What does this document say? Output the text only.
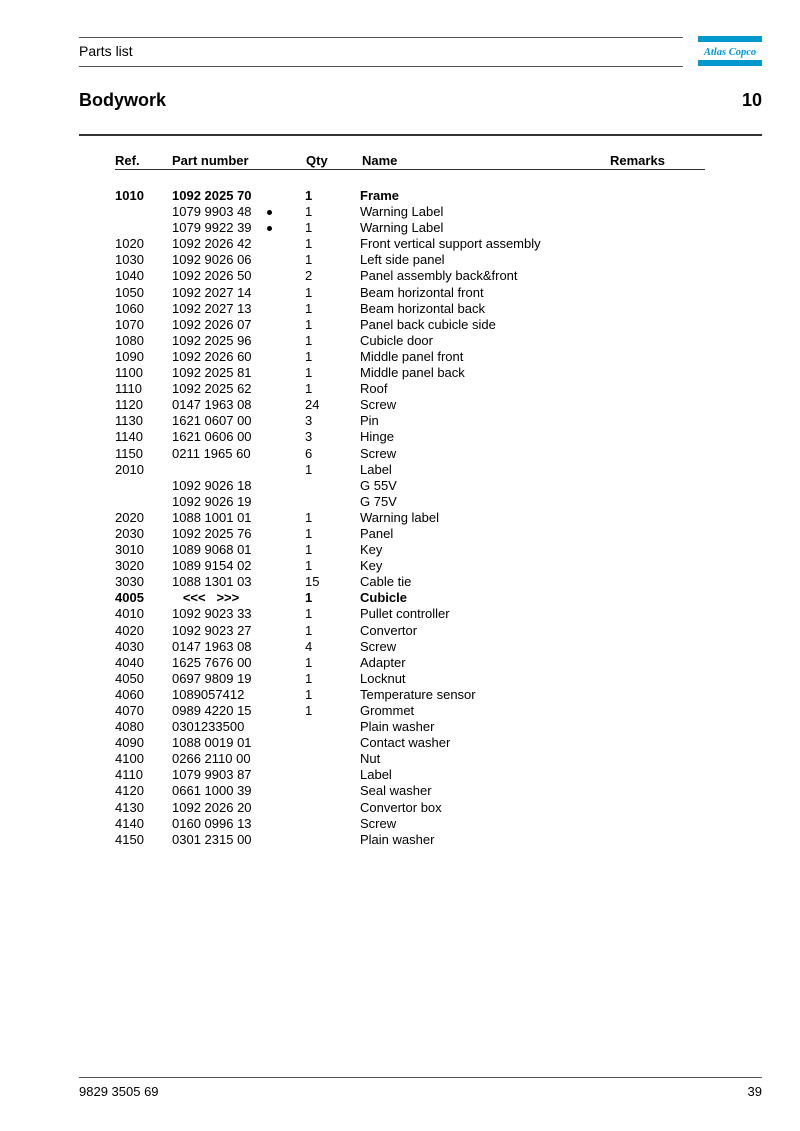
Parts list	Atlas Copco
Bodywork	10
Ref. Part number	Qty	Name	Remarks
1010	1092 2025 70		1	Frame
	1079 9903 48		1	Warning Label
	1079 9922 39		1	Warning Label
1020	1092 2026 42		1	Front vertical support assembly
1030	1092 9026 06		1	Left side panel
1040	1092 2026 50		2	Panel assembly back&front
1050	1092 2027 14		1	Beam horizontal front
1060	1092 2027 13		1	Beam horizontal back
1070	1092 2026 07		1	Panel back cubicle side
1080	1092 2025 96		1	Cubicle door
1090	1092 2026 60		1	Middle panel front
1100	1092 2025 81		1	Middle panel back
1110	1092 2025 62		1	Roof
1120	0147 1963 08		24	Screw
1130	1621 0607 00		3	Pin
1140	1621 0606 00		3	Hinge
1150	0211 1965 60		6	Screw
2010			1	Label
	1092 9026 18			G 55V
	1092 9026 19			G 75V
2020	1088 1001 01		1	Warning label
2030	1092 2025 76		1	Panel
3010	1089 9068 01		1	Key
3020	1089 9154 02		1	Key
3030	1088 1301 03		15	Cable tie
4005	<<<   >>>		1	Cubicle
4010	1092 9023 33		1	Pullet controller
4020	1092 9023 27		1	Convertor
4030	0147 1963 08		4	Screw
4040	1625 7676 00		1	Adapter
4050	0697 9809 19		1	Locknut
4060	1089057412		1	Temperature sensor
4070	0989 4220 15		1	Grommet
4080	0301233500			Plain washer
4090	1088 0019 01			Contact washer
4100	0266 2110 00			Nut
4110	1079 9903 87			Label
4120	0661 1000 39			Seal washer
4130	1092 2026 20			Convertor box
4140	0160 0996 13			Screw
4150	0301 2315 00			Plain washer
9829 3505 69	39
